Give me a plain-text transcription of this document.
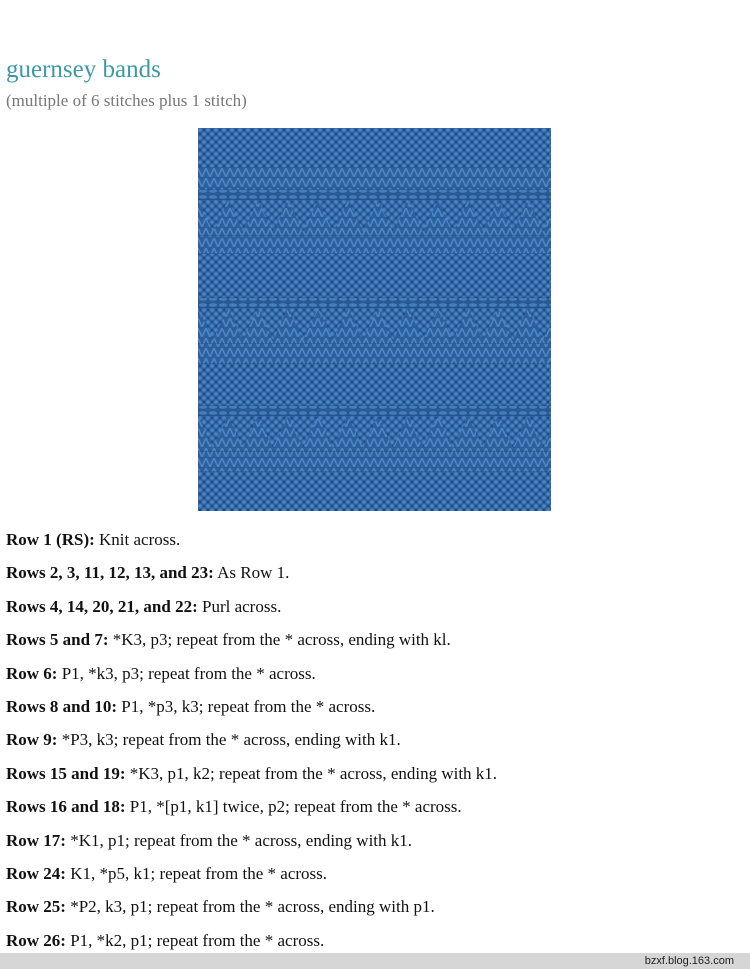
guernsey bands
(multiple of 6 stitches plus 1 stitch)
Row 1 (RS): Knit across.
Rows 2, 3, 11, 12, 13, and 23: As Row 1.
Rows 4, 14, 20, 21, and 22: Purl across.
Rows 5 and 7: *K3, p3; repeat from the * across, ending with kl.
Row 6: P1, *k3, p3; repeat from the * across.
Rows 8 and 10: P1, *p3, k3; repeat from the * across.
Row 9: *P3, k3; repeat from the * across, ending with k1.
Rows 15 and 19: *K3, p1, k2; repeat from the * across, ending with k1.
Rows 16 and 18: P1, *[p1, k1] twice, p2; repeat from the * across.
Row 17: *K1, p1; repeat from the * across, ending with k1.
Row 24: K1, *p5, k1; repeat from the * across.
Row 25: *P2, k3, p1; repeat from the * across, ending with p1.
Row 26: P1, *k2, p1; repeat from the * across.
bzxf.blog.163.com
